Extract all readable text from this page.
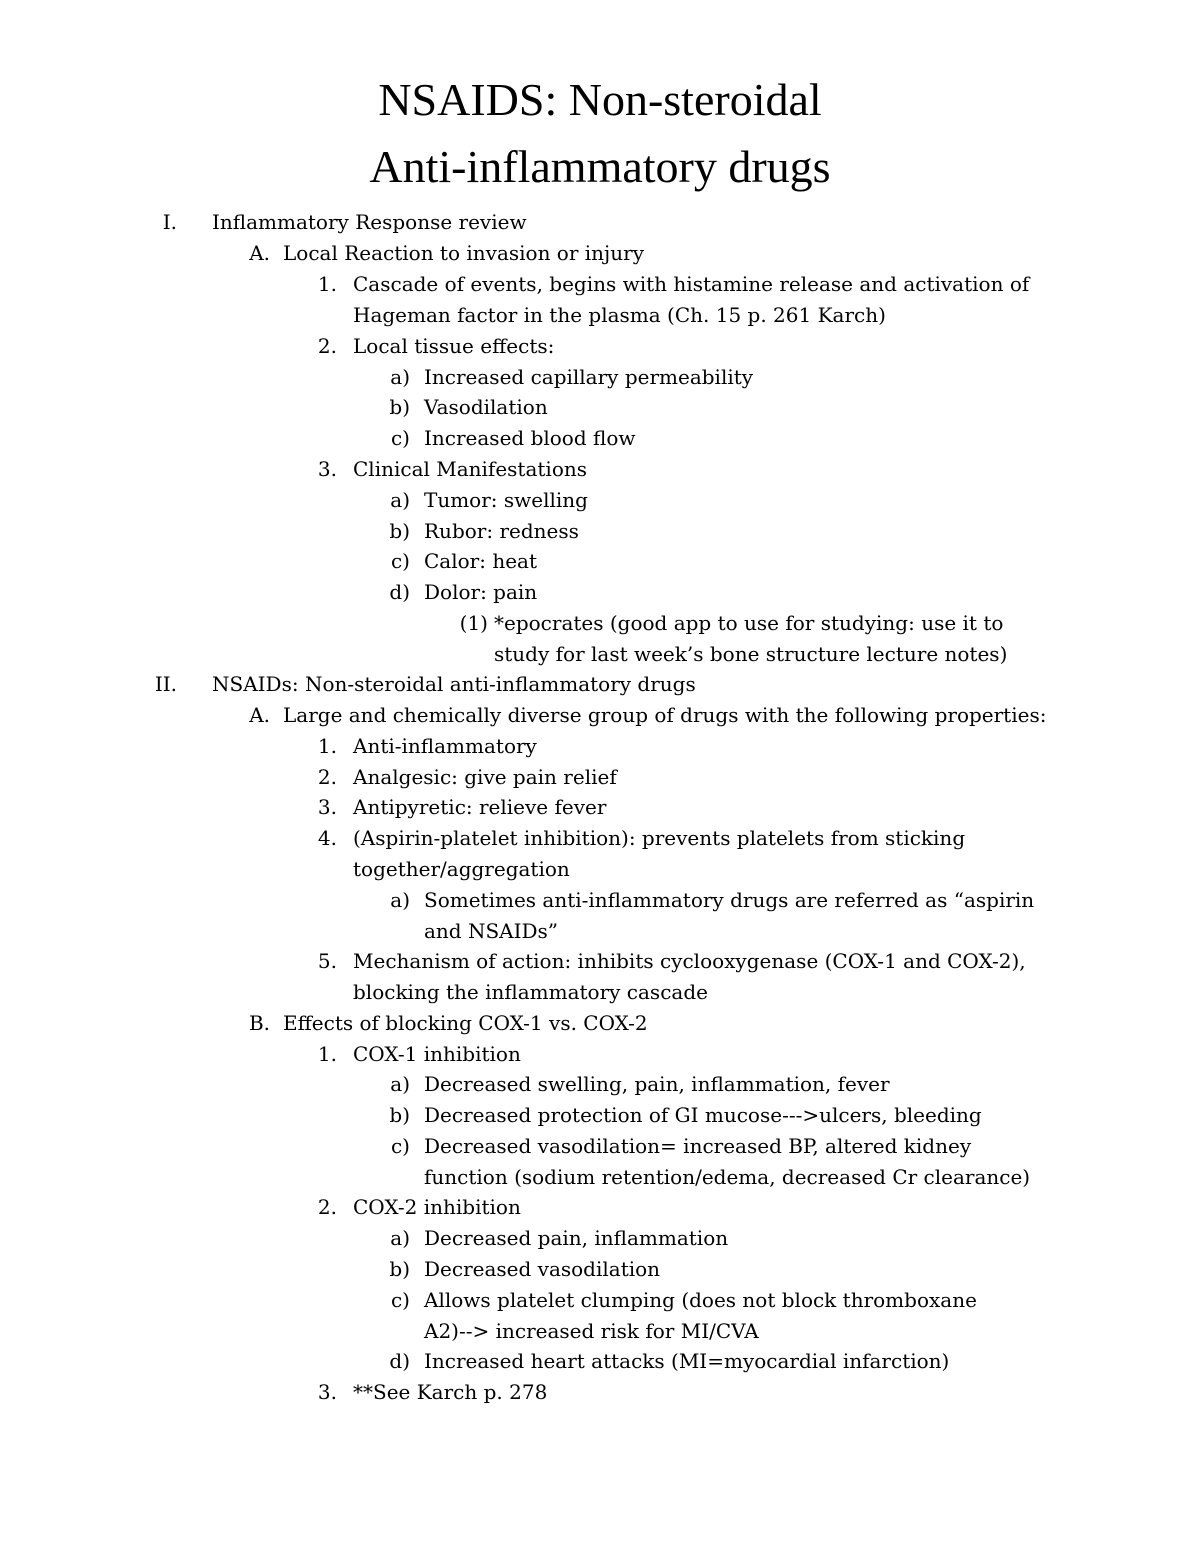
NSAIDS: Non-steroidal
Anti-inflammatory drugs
I. Inflammatory Response review
A. Local Reaction to invasion or injury
1. Cascade of events, begins with histamine release and activation of
Hageman factor in the plasma (Ch. 15 p. 261 Karch)
2. Local tissue effects:
a) Increased capillary permeability
b) Vasodilation
c) Increased blood flow
3. Clinical Manifestations
a) Tumor: swelling
b) Rubor: redness
c) Calor: heat
d) Dolor: pain
(1) *epocrates (good app to use for studying: use it to
study for last week’s bone structure lecture notes)
II. NSAIDs: Non-steroidal anti-inflammatory drugs
A. Large and chemically diverse group of drugs with the following properties:
1. Anti-inflammatory
2. Analgesic: give pain relief
3. Antipyretic: relieve fever
4. (Aspirin-platelet inhibition): prevents platelets from sticking
together/aggregation
a) Sometimes anti-inflammatory drugs are referred as “aspirin
and NSAIDs”
5. Mechanism of action: inhibits cyclooxygenase (COX-1 and COX-2),
blocking the inflammatory cascade
B. Effects of blocking COX-1 vs. COX-2
1. COX-1 inhibition
a) Decreased swelling, pain, inflammation, fever
b) Decreased protection of GI mucose--->ulcers, bleeding
c) Decreased vasodilation= increased BP, altered kidney
function (sodium retention/edema, decreased Cr clearance)
2. COX-2 inhibition
a) Decreased pain, inflammation
b) Decreased vasodilation
c) Allows platelet clumping (does not block thromboxane
A2)--> increased risk for MI/CVA
d) Increased heart attacks (MI=myocardial infarction)
3. **See Karch p. 278
